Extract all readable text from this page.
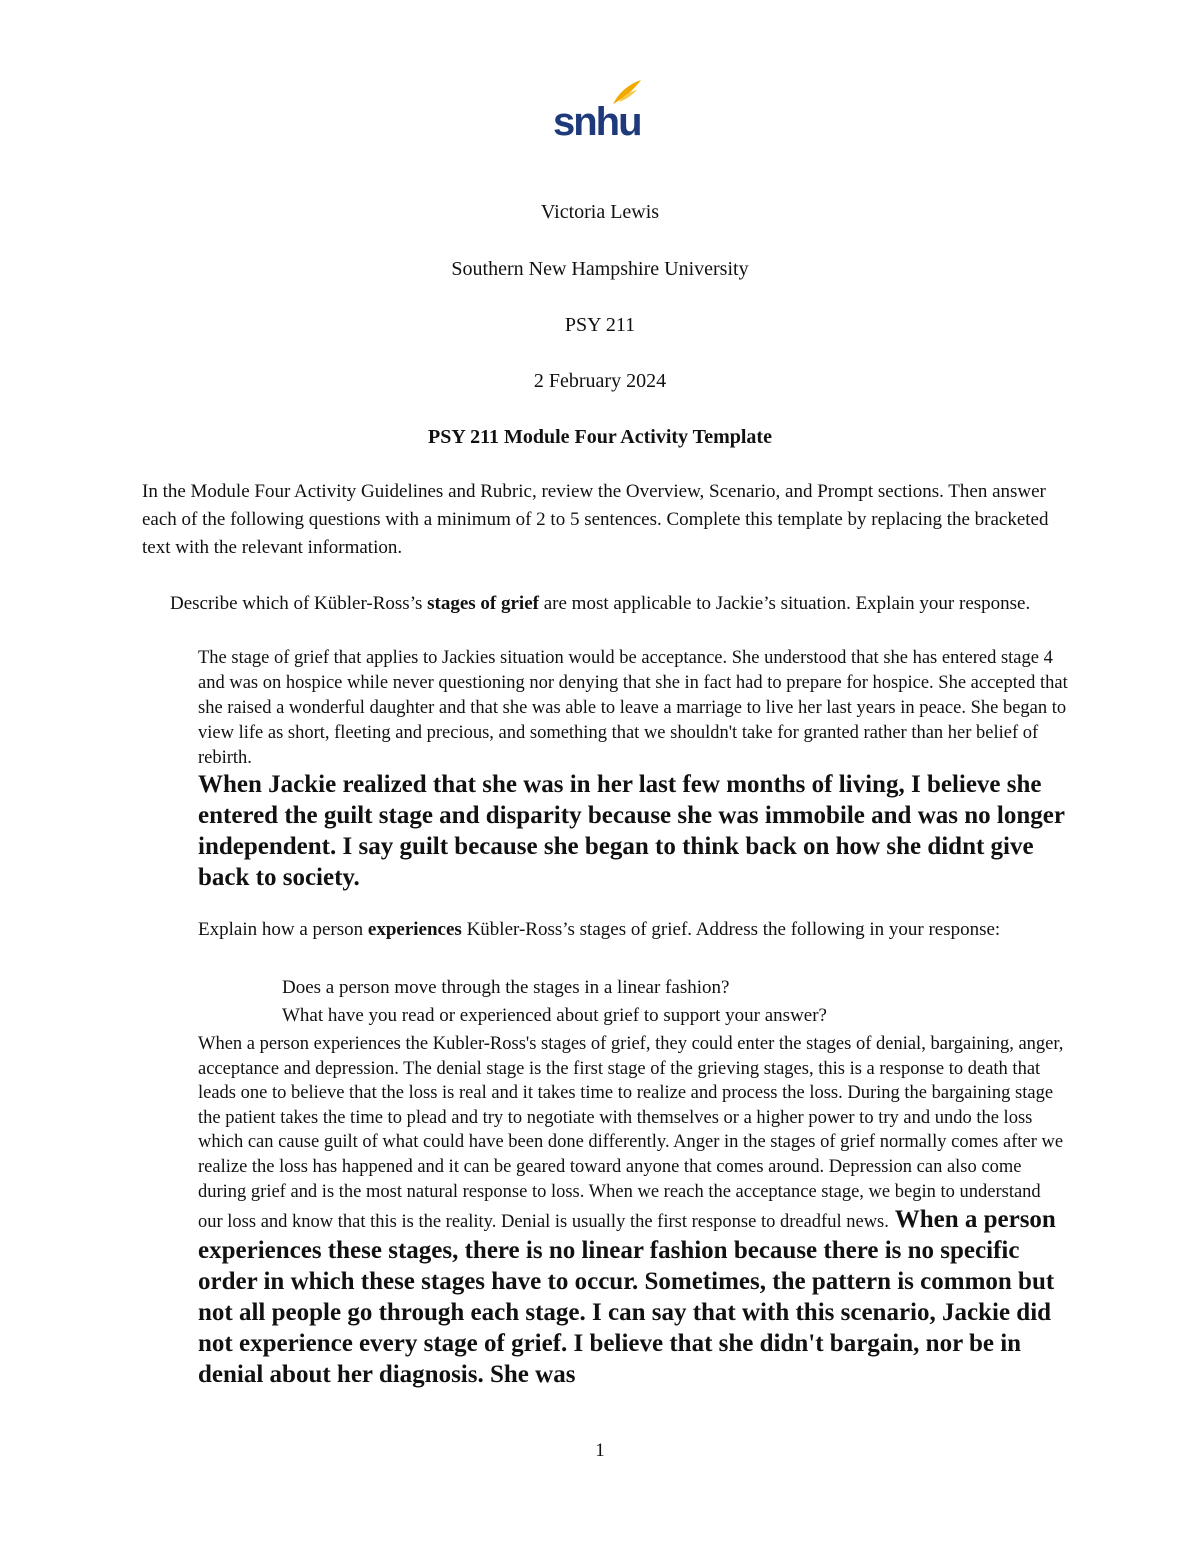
snhu
Victoria Lewis
Southern New Hampshire University
PSY 211
2 February 2024
PSY 211 Module Four Activity Template
In the Module Four Activity Guidelines and Rubric, review the Overview, Scenario, and Prompt sections. Then answer each of the following questions with a minimum of 2 to 5 sentences. Complete this template by replacing the bracketed text with the relevant information.
Describe which of Kübler-Ross’s stages of grief are most applicable to Jackie’s situation. Explain your response.
The stage of grief that applies to Jackies situation would be acceptance. She understood that she has entered stage 4 and was on hospice while never questioning nor denying that she in fact had to prepare for hospice. She accepted that she raised a wonderful daughter and that she was able to leave a marriage to live her last years in peace. She began to view life as short, fleeting and precious, and something that we shouldn't take for granted rather than her belief of rebirth.
When Jackie realized that she was in her last few months of living, I believe she entered the guilt stage and disparity because she was immobile and was no longer independent. I say guilt because she began to think back on how she didnt give back to society.
Explain how a person experiences Kübler-Ross’s stages of grief. Address the following in your response:
Does a person move through the stages in a linear fashion?
What have you read or experienced about grief to support your answer?
When a person experiences the Kubler-Ross's stages of grief, they could enter the stages of denial, bargaining, anger, acceptance and depression. The denial stage is the first stage of the grieving stages, this is a response to death that leads one to believe that the loss is real and it takes time to realize and process the loss. During the bargaining stage the patient takes the time to plead and try to negotiate with themselves or a higher power to try and undo the loss which can cause guilt of what could have been done differently. Anger in the stages of grief normally comes after we realize the loss has happened and it can be geared toward anyone that comes around. Depression can also come during grief and is the most natural response to loss. When we reach the acceptance stage, we begin to understand our loss and know that this is the reality. Denial is usually the first response to dreadful news. When a person experiences these stages, there is no linear fashion because there is no specific order in which these stages have to occur. Sometimes, the pattern is common but not all people go through each stage. I can say that with this scenario, Jackie did not experience every stage of grief. I believe that she didn't bargain, nor be in denial about her diagnosis. She was
1
